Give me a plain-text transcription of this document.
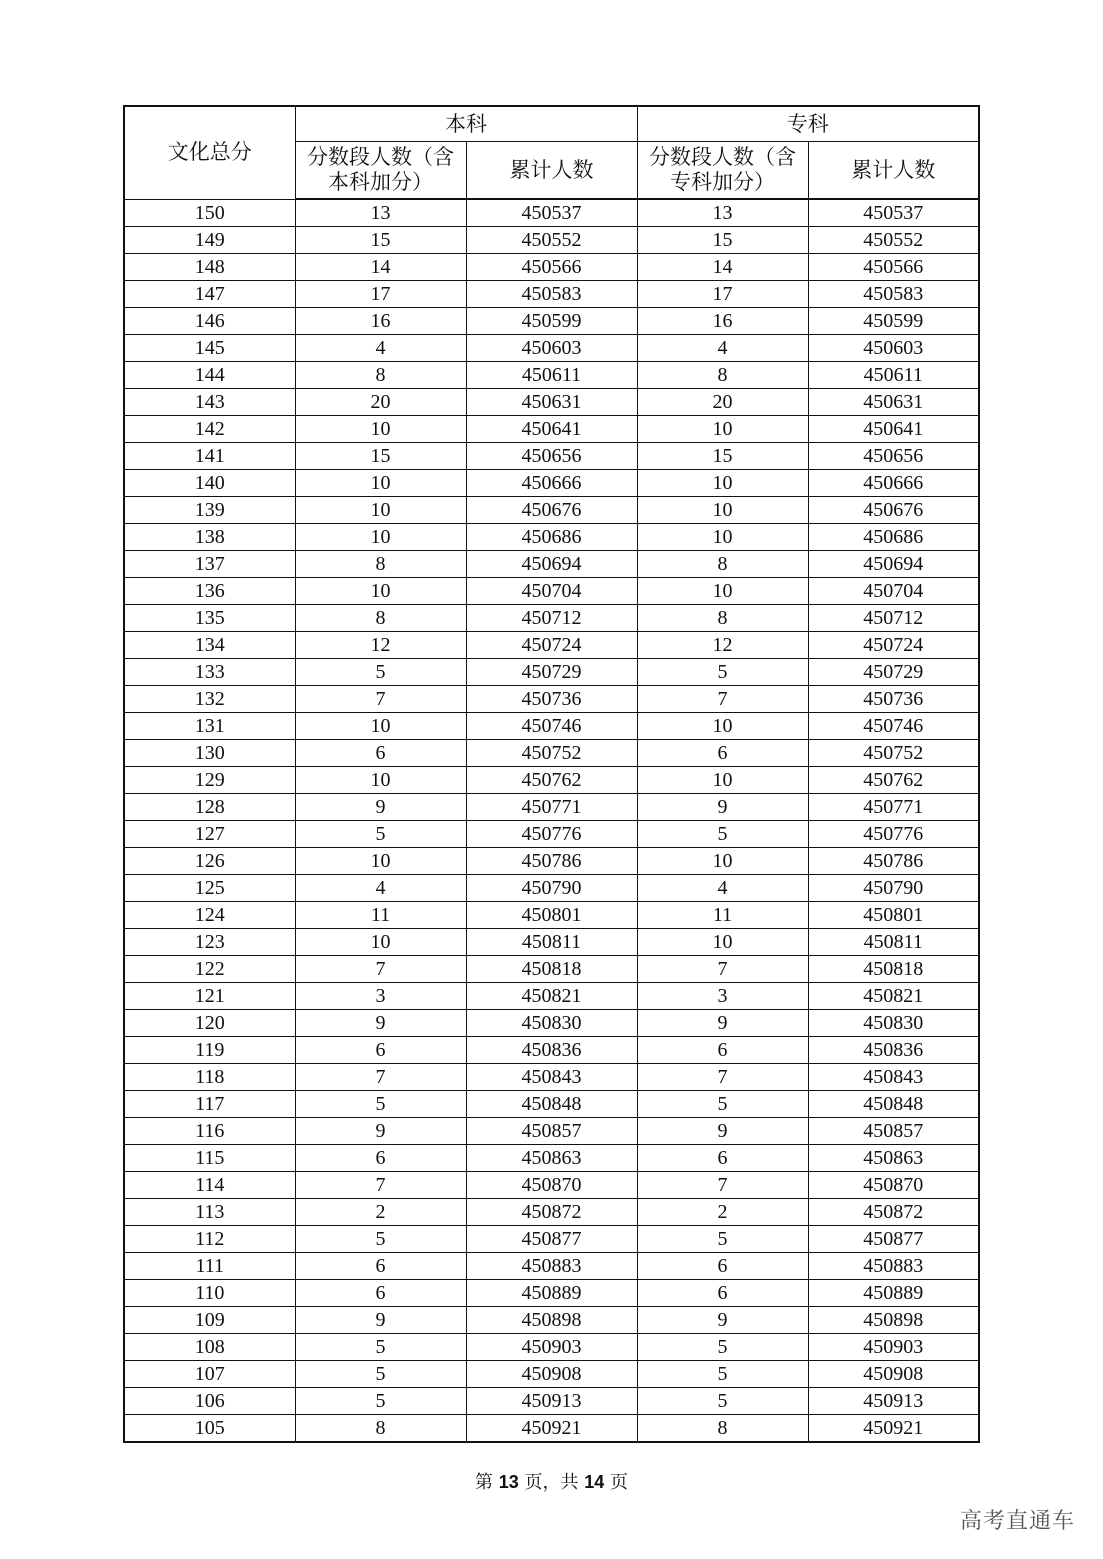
文化总分	本科		专科	
	分数段人数（含本科加分）	累计人数	分数段人数（含专科加分）	累计人数
150	13	450537	13	450537
149	15	450552	15	450552
148	14	450566	14	450566
147	17	450583	17	450583
146	16	450599	16	450599
145	4	450603	4	450603
144	8	450611	8	450611
143	20	450631	20	450631
142	10	450641	10	450641
141	15	450656	15	450656
140	10	450666	10	450666
139	10	450676	10	450676
138	10	450686	10	450686
137	8	450694	8	450694
136	10	450704	10	450704
135	8	450712	8	450712
134	12	450724	12	450724
133	5	450729	5	450729
132	7	450736	7	450736
131	10	450746	10	450746
130	6	450752	6	450752
129	10	450762	10	450762
128	9	450771	9	450771
127	5	450776	5	450776
126	10	450786	10	450786
125	4	450790	4	450790
124	11	450801	11	450801
123	10	450811	10	450811
122	7	450818	7	450818
121	3	450821	3	450821
120	9	450830	9	450830
119	6	450836	6	450836
118	7	450843	7	450843
117	5	450848	5	450848
116	9	450857	9	450857
115	6	450863	6	450863
114	7	450870	7	450870
113	2	450872	2	450872
112	5	450877	5	450877
111	6	450883	6	450883
110	6	450889	6	450889
109	9	450898	9	450898
108	5	450903	5	450903
107	5	450908	5	450908
106	5	450913	5	450913
105	8	450921	8	450921
第 13 页，共 14 页
高考直通车
